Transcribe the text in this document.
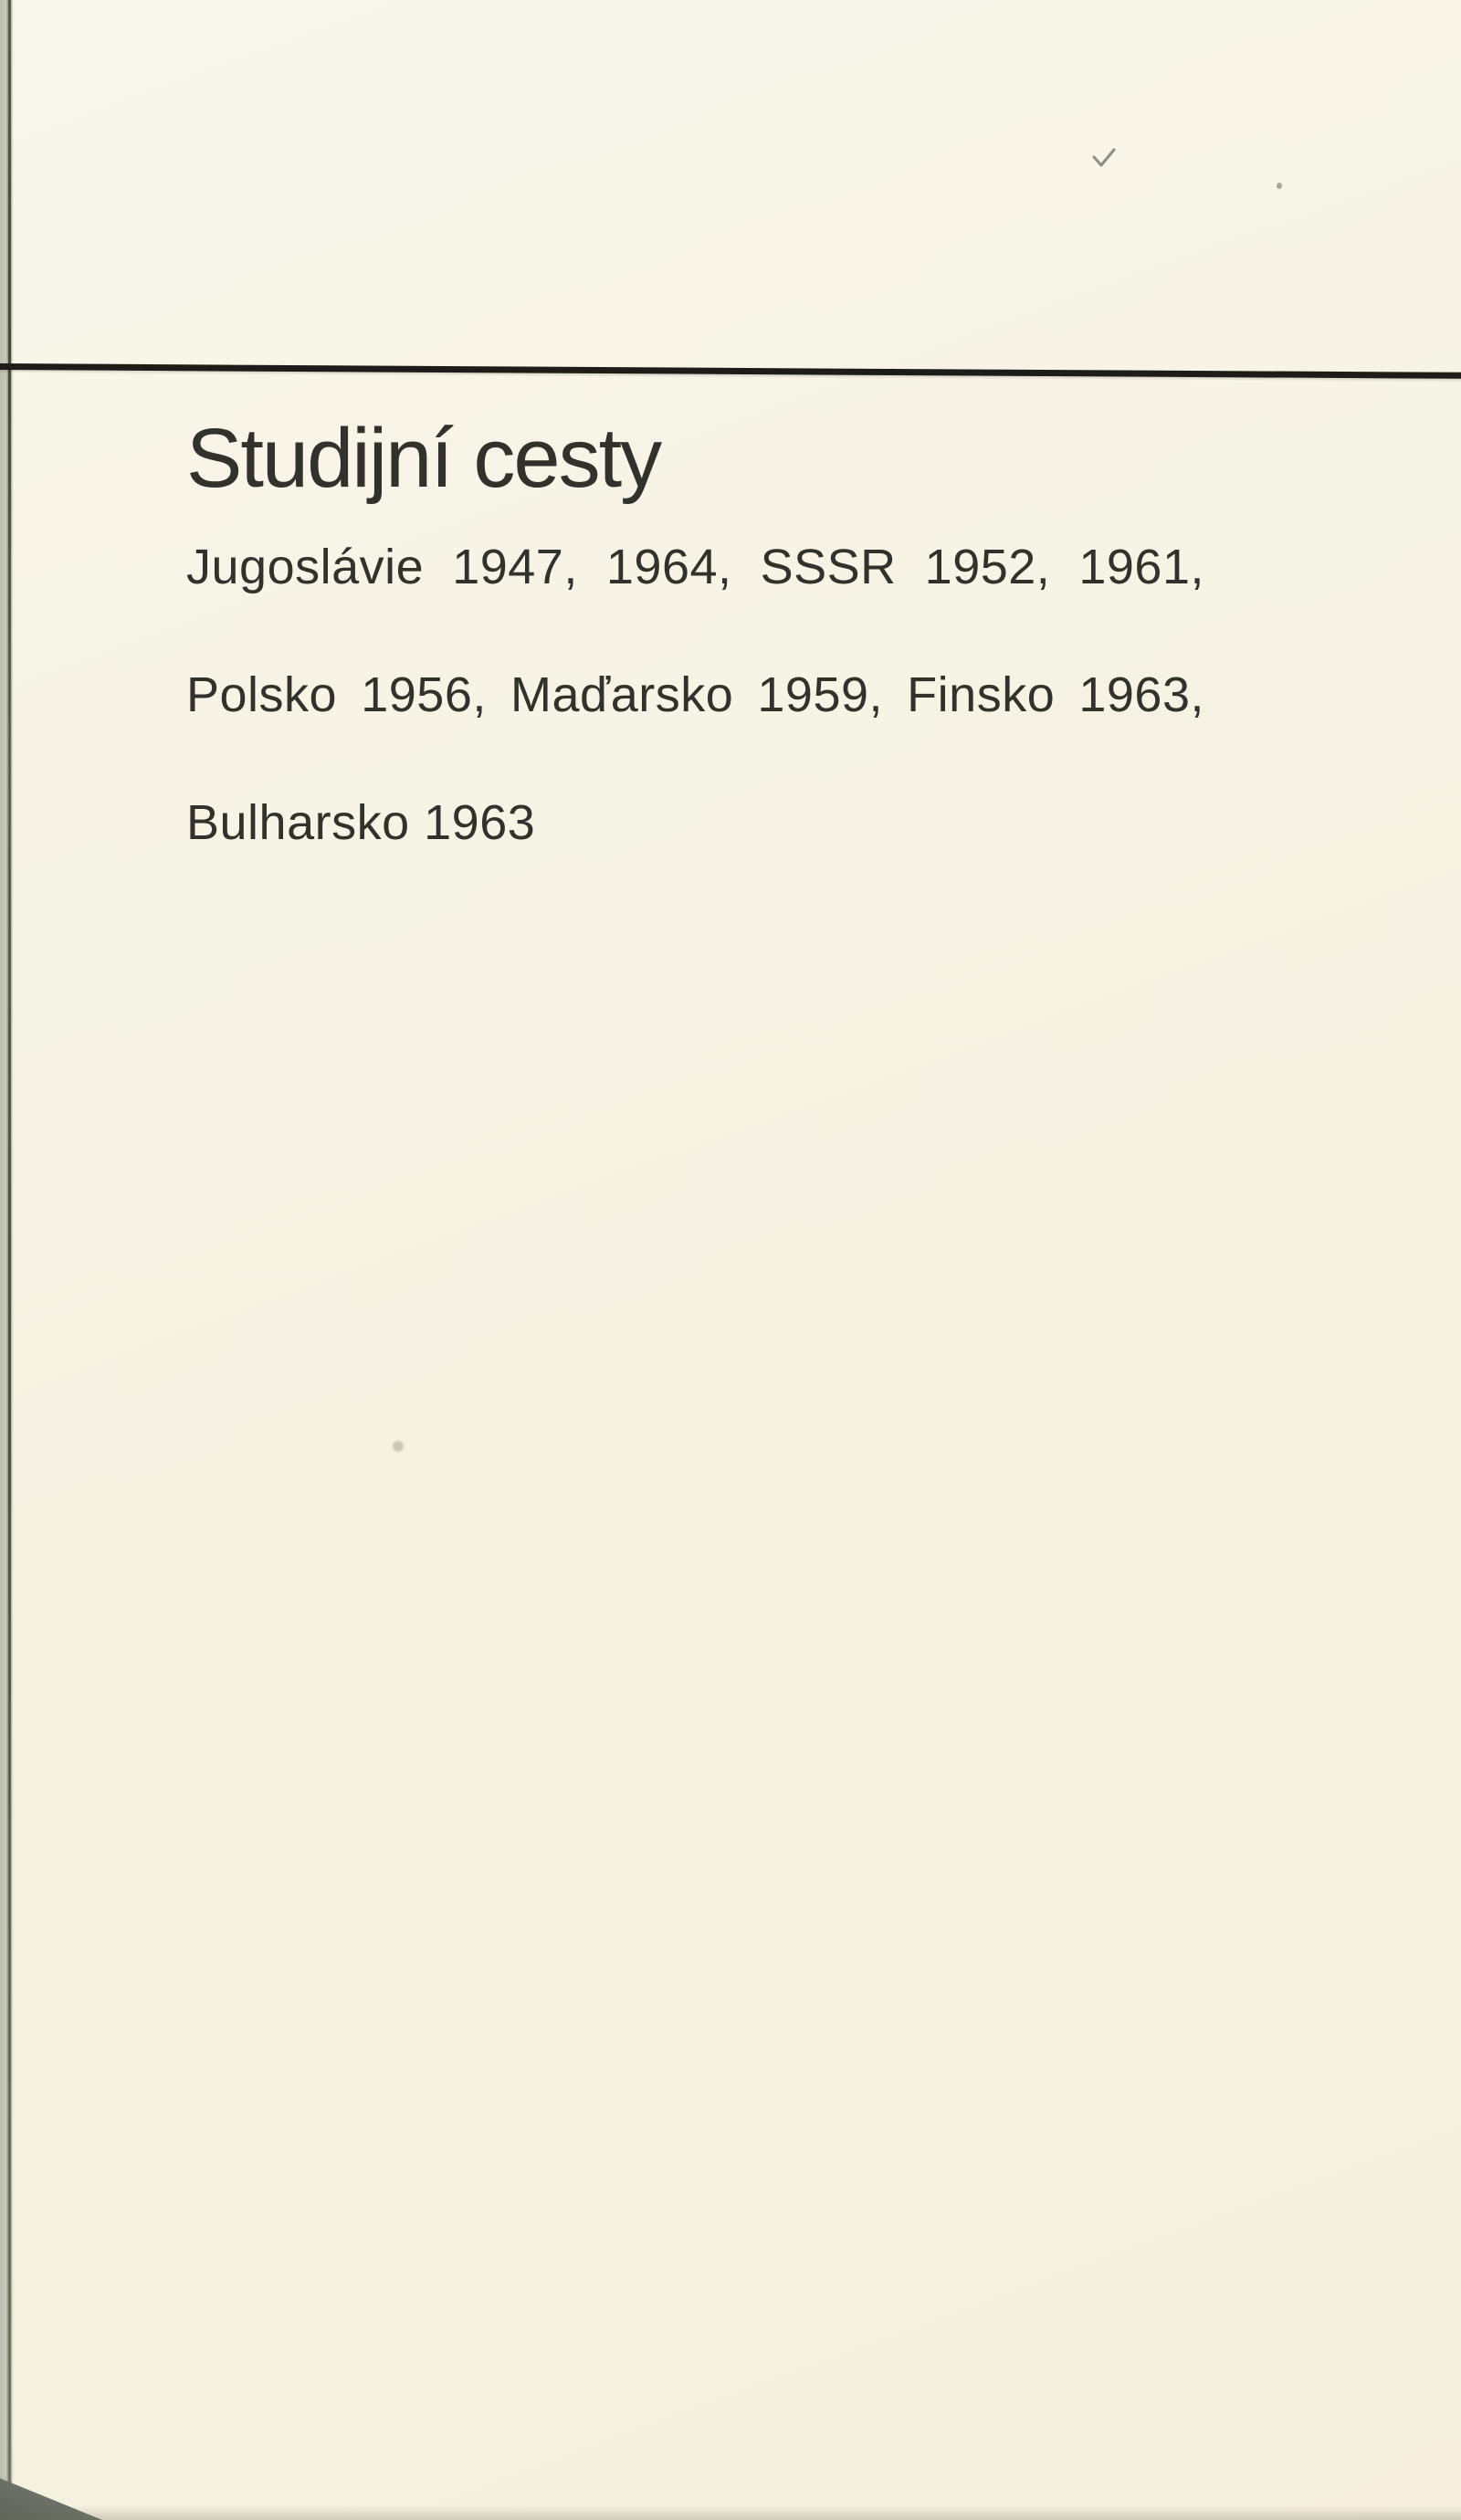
Studijní cesty
Jugoslávie 1947, 1964, SSSR 1952, 1961,
Polsko 1956, Maďarsko 1959, Finsko 1963,
Bulharsko 1963
